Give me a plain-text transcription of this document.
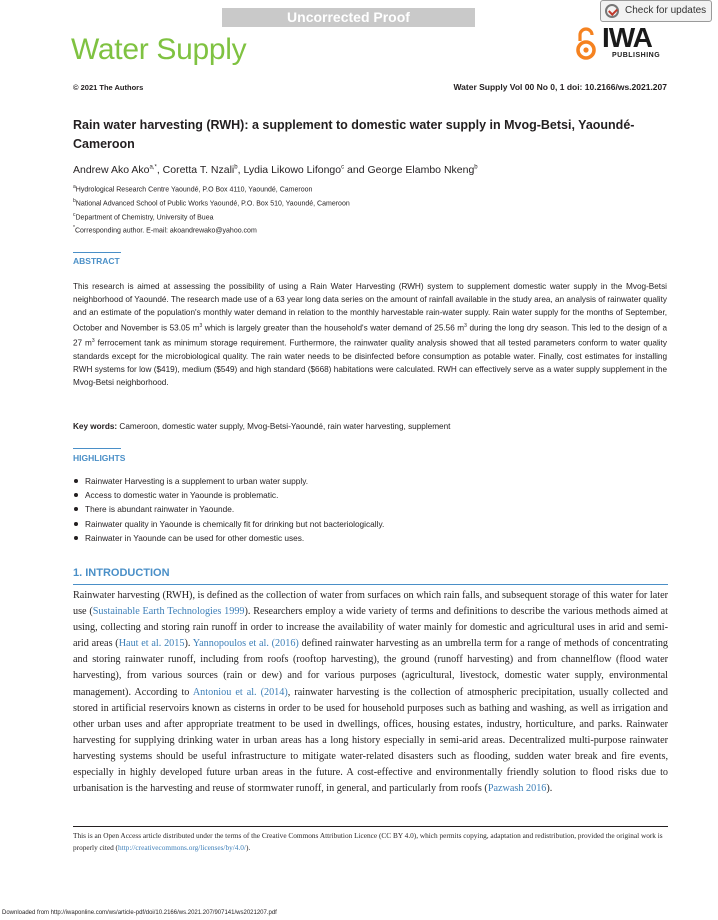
Uncorrected Proof	Check for updates
Water Supply	IWA
PUBLISHING
© 2021 The Authors	Water Supply Vol 00 No 0, 1 doi: 10.2166/ws.2021.207
Rain water harvesting (RWH): a supplement to domestic water supply in Mvog-Betsi, Yaoundé-Cameroon
Andrew Ako Ako$^{a,*}$, Coretta T. Nzali$^b$, Lydia Likowo Lifongo$^c$ and George Elambo Nkeng$^b$
$^a$Hydrological Research Centre Yaoundé, P.O Box 4110, Yaoundé, Cameroon
$^b$National Advanced School of Public Works Yaoundé, P.O. Box 510, Yaoundé, Cameroon
$^c$Department of Chemistry, University of Buea
*Corresponding author. E-mail: akoandrewako@yahoo.com
ABSTRACT
This research is aimed at assessing the possibility of using a Rain Water Harvesting (RWH) system to supplement domestic water supply in the Mvog-Betsi neighborhood of Yaoundé. The research made use of a 63 year long data series on the amount of rainfall available in the study area, an analysis of rainwater quality and an estimate of the population's monthly water demand in relation to the monthly harvestable rain-water supply. Rain water supply for the months of September, October and November is 53.05 $m^3$ which is largely greater than the household's water demand of 25.56 $m^3$ during the long dry season. This led to the design of a 27 $m^3$ ferrocement tank as minimum storage requirement. Furthermore, the rainwater quality analysis showed that all tested parameters conform to water quality standards except for the microbiological quality. The rain water needs to be disinfected before consumption as potable water. Finally, cost estimates for installing RWH systems for low ($419), medium ($549) and high standard ($668) habitations were calculated. RWH can effectively serve as a water supply supplement in the Mvog-Betsi neighborhood.
Key words: Cameroon, domestic water supply, Mvog-Betsi-Yaoundé, rain water harvesting, supplement
HIGHLIGHTS
Rainwater Harvesting is a supplement to urban water supply.
Access to domestic water in Yaounde is problematic.
There is abundant rainwater in Yaounde.
Rainwater quality in Yaounde is chemically fit for drinking but not bacteriologically.
Rainwater in Yaounde can be used for other domestic uses.
1. INTRODUCTION
Rainwater harvesting (RWH), is defined as the collection of water from surfaces on which rain falls, and subsequent storage of this water for later use (Sustainable Earth Technologies 1999). Researchers employ a wide variety of terms and definitions to describe the various methods aimed at using, collecting and storing rain runoff in order to increase the availability of water mainly for domestic and agricultural uses in arid and semi-arid areas (Haut et al. 2015). Yannopoulos et al. (2016) defined rainwater harvesting as an umbrella term for a range of methods of concentrating and storing rainwater runoff, including from roofs (rooftop harvesting), the ground (runoff harvesting) and from channelflow (flood water harvesting), from various sources (rain or dew) and for various purposes (agricultural, livestock, domestic water supply, environmental management). According to Antoniou et al. (2014), rainwater harvesting is the collection of atmospheric precipitation, usually collected and stored in artificial reservoirs known as cisterns in order to be used for household purposes such as bathing and washing, as well as irrigation and other urban uses and after appropriate treatment to be used in dwellings, offices, housing estates, industry, horticulture, and parks. Rainwater harvesting for supplying drinking water in urban areas has a long history especially in semi-arid areas. Decentralized multi-purpose rainwater harvesting systems should be useful infrastructure to mitigate water-related disasters such as flooding, sudden water break and fire events, especially in highly developed future urban areas in the future. A cost-effective and environmentally friendly solution to flood risks due to urbanisation is the harvesting and reuse of stormwater runoff, in general, and particularly from roofs (Pazwash 2016).
This is an Open Access article distributed under the terms of the Creative Commons Attribution Licence (CC BY 4.0), which permits copying, adaptation and redistribution, provided the original work is properly cited (http://creativecommons.org/licenses/by/4.0/).
Downloaded from http://iwaponline.com/ws/article-pdf/doi/10.2166/ws.2021.207/907141/ws2021207.pdf
